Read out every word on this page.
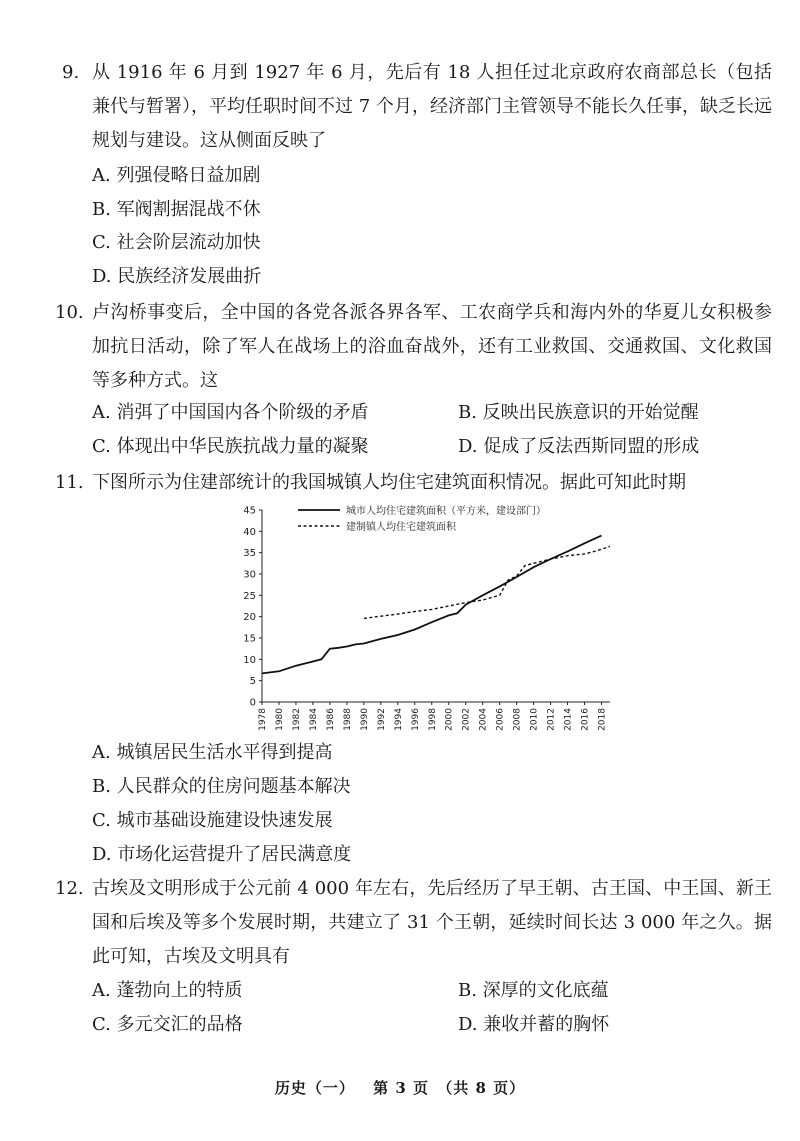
9. 从 1916 年 6 月到 1927 年 6 月，先后有 18 人担任过北京政府农商部总长（包括兼代与暂署），平均任职时间不过 7 个月，经济部门主管领导不能长久任事，缺乏长远规划与建设。这从侧面反映了
A. 列强侵略日益加剧
B. 军阀割据混战不休
C. 社会阶层流动加快
D. 民族经济发展曲折
10. 卢沟桥事变后，全中国的各党各派各界各军、工农商学兵和海内外的华夏儿女积极参加抗日活动，除了军人在战场上的浴血奋战外，还有工业救国、交通救国、文化救国等多种方式。这
A. 消弭了中国国内各个阶级的矛盾	B. 反映出民族意识的开始觉醒
C. 体现出中华民族抗战力量的凝聚	D. 促成了反法西斯同盟的形成
11. 下图所示为住建部统计的我国城镇人均住宅建筑面积情况。据此可知此时期
0
5
10
15
20
25
30
35
40
45
1978 1980 1982 1984 1986 1988 1990 1992 1994 1996 1998 2000 2002 2004 2006 2008 2010 2012 2014 2016 2018
城市人均住宅建筑面积（平方米，建设部门）
建制镇人均住宅建筑面积
A. 城镇居民生活水平得到提高
B. 人民群众的住房问题基本解决
C. 城市基础设施建设快速发展
D. 市场化运营提升了居民满意度
12. 古埃及文明形成于公元前 4 000 年左右，先后经历了早王朝、古王国、中王国、新王国和后埃及等多个发展时期，共建立了 31 个王朝，延续时间长达 3 000 年之久。据此可知，古埃及文明具有
A. 蓬勃向上的特质	B. 深厚的文化底蕴
C. 多元交汇的品格	D. 兼收并蓄的胸怀
历史（一） 第 3 页 （共 8 页）
